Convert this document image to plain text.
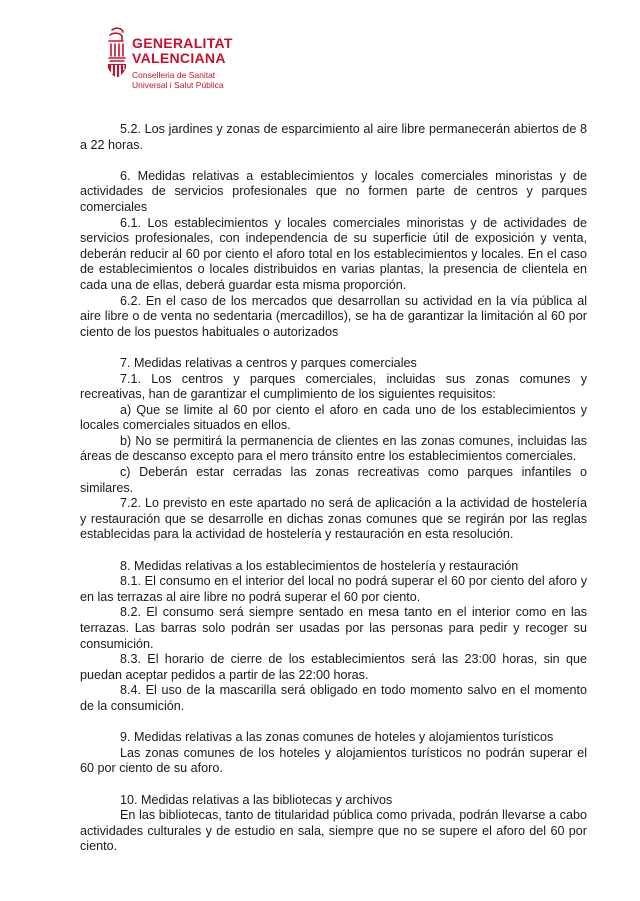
GENERALITAT
VALENCIANA
Conselleria de Sanitat
Universal i Salut Pública

5.2. Los jardines y zonas de esparcimiento al aire libre permanecerán abiertos de 8 a 22 horas.

6. Medidas relativas a establecimientos y locales comerciales minoristas y de actividades de servicios profesionales que no formen parte de centros y parques comerciales

6.1. Los establecimientos y locales comerciales minoristas y de actividades de servicios profesionales, con independencia de su superficie útil de exposición y venta, deberán reducir al 60 por ciento el aforo total en los establecimientos y locales. En el caso de establecimientos o locales distribuidos en varias plantas, la presencia de clientela en cada una de ellas, deberá guardar esta misma proporción.

6.2. En el caso de los mercados que desarrollan su actividad en la vía pública al aire libre o de venta no sedentaria (mercadillos), se ha de garantizar la limitación al 60 por ciento de los puestos habituales o autorizados

7. Medidas relativas a centros y parques comerciales

7.1. Los centros y parques comerciales, incluidas sus zonas comunes y recreativas, han de garantizar el cumplimiento de los siguientes requisitos:

a) Que se limite al 60 por ciento el aforo en cada uno de los establecimientos y locales comerciales situados en ellos.

b) No se permitirá la permanencia de clientes en las zonas comunes, incluidas las áreas de descanso excepto para el mero tránsito entre los establecimientos comerciales.

c) Deberán estar cerradas las zonas recreativas como parques infantiles o similares.

7.2. Lo previsto en este apartado no será de aplicación a la actividad de hostelería y restauración que se desarrolle en dichas zonas comunes que se regirán por las reglas establecidas para la actividad de hostelería y restauración en esta resolución.

8. Medidas relativas a los establecimientos de hostelería y restauración

8.1. El consumo en el interior del local no podrá superar el 60 por ciento del aforo y en las terrazas al aire libre no podrá superar el 60 por ciento.

8.2. El consumo será siempre sentado en mesa tanto en el interior como en las terrazas. Las barras solo podrán ser usadas por las personas para pedir y recoger su consumición.

8.3. El horario de cierre de los establecimientos será las 23:00 horas, sin que puedan aceptar pedidos a partir de las 22:00 horas.

8.4. El uso de la mascarilla será obligado en todo momento salvo en el momento de la consumición.

9. Medidas relativas a las zonas comunes de hoteles y alojamientos turísticos

Las zonas comunes de los hoteles y alojamientos turísticos no podrán superar el 60 por ciento de su aforo.

10. Medidas relativas a las bibliotecas y archivos

En las bibliotecas, tanto de titularidad pública como privada, podrán llevarse a cabo actividades culturales y de estudio en sala, siempre que no se supere el aforo del 60 por ciento.
